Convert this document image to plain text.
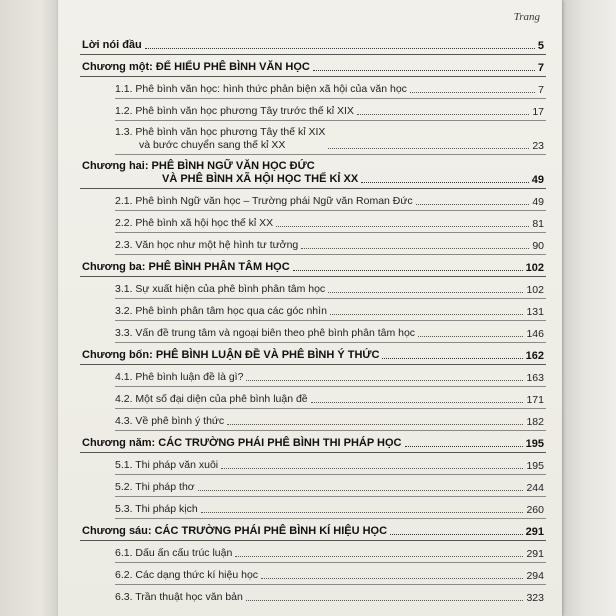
Trang
Lời nói đầu	5
Chương một: ĐỂ HIỂU PHÊ BÌNH VĂN HỌC	7
1.1. Phê bình văn học: hình thức phản biện xã hội của văn học	7
1.2. Phê bình văn học phương Tây trước thế kỉ XIX	17
1.3. Phê bình văn học phương Tây thế kỉ XIX
và bước chuyển sang thế kỉ XX	23
Chương hai: PHÊ BÌNH NGỮ VĂN HỌC ĐỨC
VÀ PHÊ BÌNH XÃ HỘI HỌC THẾ KỈ XX	49
2.1. Phê bình Ngữ văn học – Trường phái Ngữ văn Roman Đức	49
2.2. Phê bình xã hội học thế kỉ XX	81
2.3. Văn học như một hệ hình tư tưởng	90
Chương ba: PHÊ BÌNH PHÂN TÂM HỌC	102
3.1. Sự xuất hiện của phê bình phân tâm học	102
3.2. Phê bình phân tâm học qua các góc nhìn	131
3.3. Vấn đề trung tâm và ngoại biên theo phê bình phân tâm học	146
Chương bốn: PHÊ BÌNH LUẬN ĐỀ VÀ PHÊ BÌNH Ý THỨC	162
4.1. Phê bình luận đề là gì?	163
4.2. Một số đại diện của phê bình luận đề	171
4.3. Về phê bình ý thức	182
Chương năm: CÁC TRƯỜNG PHÁI PHÊ BÌNH THI PHÁP HỌC	195
5.1. Thi pháp văn xuôi	195
5.2. Thi pháp thơ	244
5.3. Thi pháp kịch	260
Chương sáu: CÁC TRƯỜNG PHÁI PHÊ BÌNH KÍ HIỆU HỌC	291
6.1. Dấu ấn cấu trúc luận	291
6.2. Các dạng thức kí hiệu học	294
6.3. Trần thuật học văn bản	323
